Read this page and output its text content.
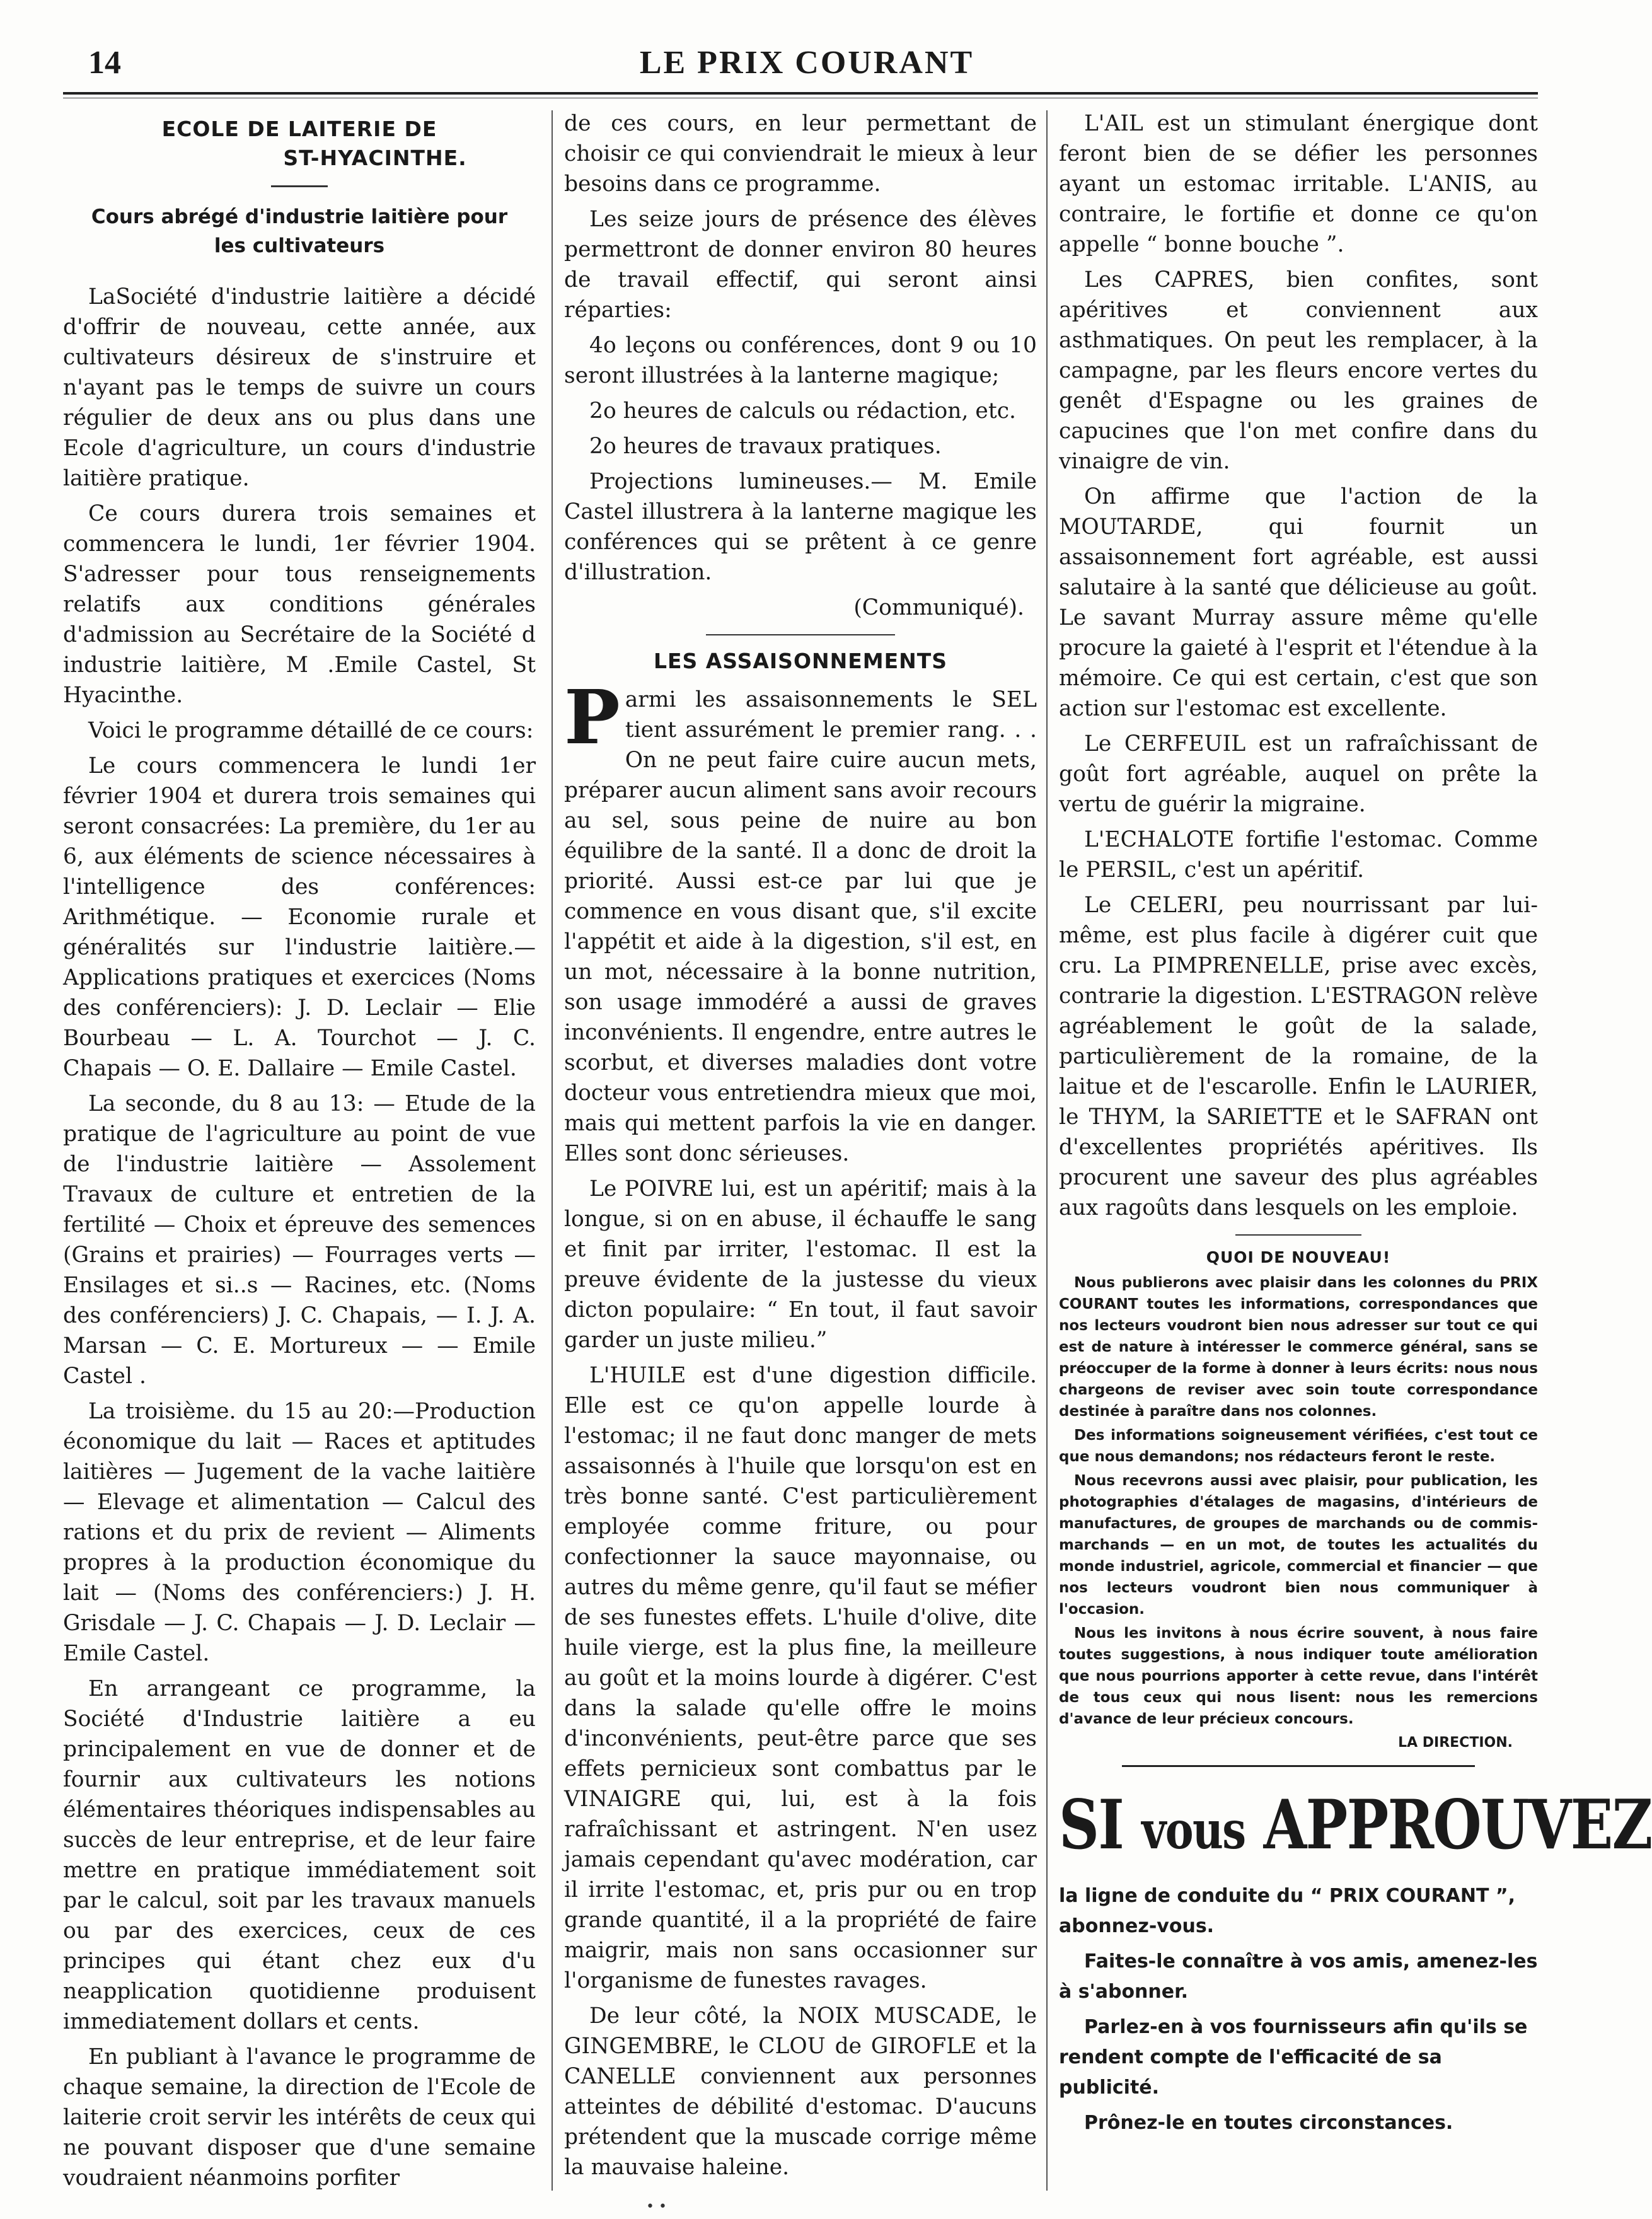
14	LE PRIX COURANT
ECOLE DE LAITERIE DE
ST-HYACINTHE.
Cours abrégé d'industrie laitière pour les cultivateurs

LaSociété d'industrie laitière a décidé d'offrir de nouveau, cette année, aux cultivateurs désireux de s'instruire et n'ayant pas le temps de suivre un cours régulier de deux ans ou plus dans une Ecole d'agriculture, un cours d'industrie laitière pratique.

Ce cours durera trois semaines et commencera le lundi, 1er février 1904. S'adresser pour tous renseignements relatifs aux conditions générales d'admission au Secrétaire de la Société d industrie laitière, M .Emile Castel, St Hyacinthe.

Voici le programme détaillé de ce cours:

Le cours commencera le lundi 1er février 1904 et durera trois semaines qui seront consacrées: La première, du 1er au 6, aux éléments de science nécessaires à l'intelligence des conférences: Arithmétique. — Economie rurale et généralités sur l'industrie laitière.— Applications pratiques et exercices (Noms des conférenciers): J. D. Leclair — Elie Bourbeau — L. A. Tourchot — J. C. Chapais — O. E. Dallaire — Emile Castel.

La seconde, du 8 au 13: — Etude de la pratique de l'agriculture au point de vue de l'industrie laitière — Assolement Travaux de culture et entretien de la fertilité — Choix et épreuve des semences (Grains et prairies) — Fourrages verts — Ensilages et si..s — Racines, etc. (Noms des conférenciers) J. C. Chapais, — I. J. A. Marsan — C. E. Mortureux — — Emile Castel .

La troisième. du 15 au 20:—Production économique du lait — Races et aptitudes laitières — Jugement de la vache laitière — Elevage et alimentation — Calcul des rations et du prix de revient — Aliments propres à la production économique du lait — (Noms des conférenciers:) J. H. Grisdale — J. C. Chapais — J. D. Leclair — Emile Castel.

En arrangeant ce programme, la Société d'Industrie laitière a eu principalement en vue de donner et de fournir aux cultivateurs les notions élémentaires théoriques indispensables au succès de leur entreprise, et de leur faire mettre en pratique immédiatement soit par le calcul, soit par les travaux manuels ou par des exercices, ceux de ces principes qui étant chez eux d'u neapplication quotidienne produisent immediatement dollars et cents.

En publiant à l'avance le programme de chaque semaine, la direction de l'Ecole de laiterie croit servir les intérêts de ceux qui ne pouvant disposer que d'une semaine voudraient néanmoins porfiter

de ces cours, en leur permettant de choisir ce qui conviendrait le mieux à leur besoins dans ce programme.

Les seize jours de présence des élèves permettront de donner environ 80 heures de travail effectif, qui seront ainsi réparties:

4o leçons ou conférences, dont 9 ou 10 seront illustrées à la lanterne magique;

2o heures de calculs ou rédaction, etc.

2o heures de travaux pratiques.

Projections lumineuses.— M. Emile Castel illustrera à la lanterne magique les conférences qui se prêtent à ce genre d'illustration.

(Communiqué).

LES ASSAISONNEMENTS

Parmi les assaisonnements le SEL tient assurément le premier rang. . . On ne peut faire cuire aucun mets, préparer aucun aliment sans avoir recours au sel, sous peine de nuire au bon équilibre de la santé. Il a donc de droit la priorité. Aussi est-ce par lui que je commence en vous disant que, s'il excite l'appétit et aide à la digestion, s'il est, en un mot, nécessaire à la bonne nutrition, son usage immodéré a aussi de graves inconvénients. Il engendre, entre autres le scorbut, et diverses maladies dont votre docteur vous entretiendra mieux que moi, mais qui mettent parfois la vie en danger. Elles sont donc sérieuses.

Le POIVRE lui, est un apéritif; mais à la longue, si on en abuse, il échauffe le sang et finit par irriter, l'estomac. Il est la preuve évidente de la justesse du vieux dicton populaire: “ En tout, il faut savoir garder un juste milieu.”

L'HUILE est d'une digestion difficile. Elle est ce qu'on appelle lourde à l'estomac; il ne faut donc manger de mets assaisonnés à l'huile que lorsqu'on est en très bonne santé. C'est particulièrement employée comme friture, ou pour confectionner la sauce mayonnaise, ou autres du même genre, qu'il faut se méfier de ses funestes effets. L'huile d'olive, dite huile vierge, est la plus fine, la meilleure au goût et la moins lourde à digérer. C'est dans la salade qu'elle offre le moins d'inconvénients, peut-être parce que ses effets pernicieux sont combattus par le VINAIGRE qui, lui, est à la fois rafraîchissant et astringent. N'en usez jamais cependant qu'avec modération, car il irrite l'estomac, et, pris pur ou en trop grande quantité, il a la propriété de faire maigrir, mais non sans occasionner sur l'organisme de funestes ravages.

De leur côté, la NOIX MUSCADE, le GINGEMBRE, le CLOU de GIROFLE et la CANELLE conviennent aux personnes atteintes de débilité d'estomac. D'aucuns prétendent que la muscade corrige même la mauvaise haleine.

L'AIL est un stimulant énergique dont feront bien de se défier les personnes ayant un estomac irritable. L'ANIS, au contraire, le fortifie et donne ce qu'on appelle “ bonne bouche ”.

Les CAPRES, bien confites, sont apéritives et conviennent aux asthmatiques. On peut les remplacer, à la campagne, par les fleurs encore vertes du genêt d'Espagne ou les graines de capucines que l'on met confire dans du vinaigre de vin.

On affirme que l'action de la MOUTARDE, qui fournit un assaisonnement fort agréable, est aussi salutaire à la santé que délicieuse au goût. Le savant Murray assure même qu'elle procure la gaieté à l'esprit et l'étendue à la mémoire. Ce qui est certain, c'est que son action sur l'estomac est excellente.

Le CERFEUIL est un rafraîchissant de goût fort agréable, auquel on prête la vertu de guérir la migraine.

L'ECHALOTE fortifie l'estomac. Comme le PERSIL, c'est un apéritif.

Le CELERI, peu nourrissant par lui-même, est plus facile à digérer cuit que cru. La PIMPRENELLE, prise avec excès, contrarie la digestion. L'ESTRAGON relève agréablement le goût de la salade, particulièrement de la romaine, de la laitue et de l'escarolle. Enfin le LAURIER, le THYM, la SARIETTE et le SAFRAN ont d'excellentes propriétés apéritives. Ils procurent une saveur des plus agréables aux ragoûts dans lesquels on les emploie.

QUOI DE NOUVEAU!

Nous publierons avec plaisir dans les colonnes du PRIX COURANT toutes les informations, correspondances que nos lecteurs voudront bien nous adresser sur tout ce qui est de nature à intéresser le commerce général, sans se préoccuper de la forme à donner à leurs écrits: nous nous chargeons de reviser avec soin toute correspondance destinée à paraître dans nos colonnes.

Des informations soigneusement vérifiées, c'est tout ce que nous demandons; nos rédacteurs feront le reste.

Nous recevrons aussi avec plaisir, pour publication, les photographies d'étalages de magasins, d'intérieurs de manufactures, de groupes de marchands ou de commis-marchands — en un mot, de toutes les actualités du monde industriel, agricole, commercial et financier — que nos lecteurs voudront bien nous communiquer à l'occasion.

Nous les invitons à nous écrire souvent, à nous faire toutes suggestions, à nous indiquer toute amélioration que nous pourrions apporter à cette revue, dans l'intérêt de tous ceux qui nous lisent: nous les remercions d'avance de leur précieux concours.

LA DIRECTION.
SI vous APPROUVEZ

la ligne de conduite du “ PRIX COURANT ”, abonnez-vous.

Faites-le connaître à vos amis, amenez-les à s'abonner.

Parlez-en à vos fournisseurs afin qu'ils se rendent compte de l'efficacité de sa publicité.

Prônez-le en toutes circonstances.

• •
